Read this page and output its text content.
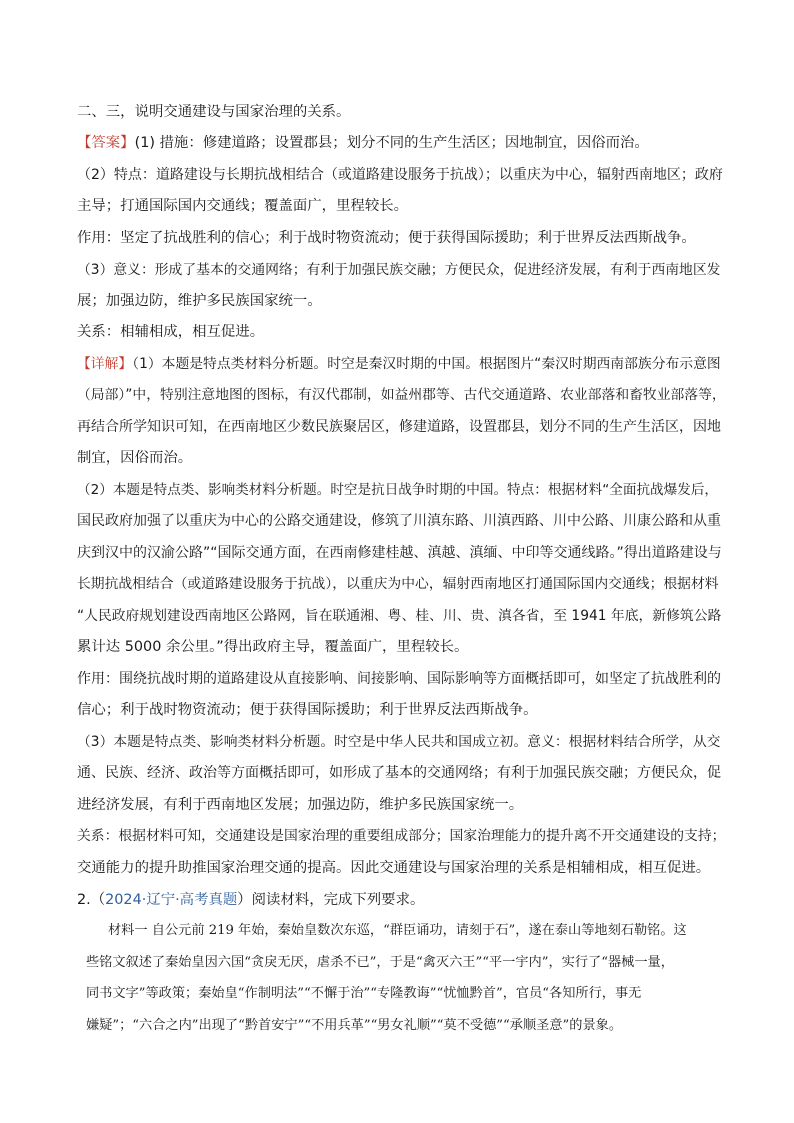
二、三，说明交通建设与国家治理的关系。
【答案】(1) 措施：修建道路；设置郡县；划分不同的生产生活区；因地制宜，因俗而治。
（2）特点：道路建设与长期抗战相结合（或道路建设服务于抗战）；以重庆为中心，辐射西南地区；政府
主导；打通国际国内交通线；覆盖面广，里程较长。
作用：坚定了抗战胜利的信心；利于战时物资流动；便于获得国际援助；利于世界反法西斯战争。
（3）意义：形成了基本的交通网络；有利于加强民族交融；方便民众，促进经济发展，有利于西南地区发
展；加强边防，维护多民族国家统一。
关系：相辅相成，相互促进。
【详解】（1）本题是特点类材料分析题。时空是秦汉时期的中国。根据图片“秦汉时期西南部族分布示意图
（局部）”中，特别注意地图的图标，有汉代郡制，如益州郡等、古代交通道路、农业部落和畜牧业部落等，
再结合所学知识可知，在西南地区少数民族聚居区，修建道路，设置郡县，划分不同的生产生活区，因地
制宜，因俗而治。
（2）本题是特点类、影响类材料分析题。时空是抗日战争时期的中国。特点：根据材料“全面抗战爆发后，
国民政府加强了以重庆为中心的公路交通建设，修筑了川滇东路、川滇西路、川中公路、川康公路和从重
庆到汉中的汉渝公路”“国际交通方面，在西南修建桂越、滇越、滇缅、中印等交通线路。”得出道路建设与
长期抗战相结合（或道路建设服务于抗战），以重庆为中心，辐射西南地区打通国际国内交通线；根据材料
“人民政府规划建设西南地区公路网，旨在联通湘、粤、桂、川、贵、滇各省，至 1941 年底，新修筑公路
累计达 5000 余公里。”得出政府主导，覆盖面广，里程较长。
作用：围绕抗战时期的道路建设从直接影响、间接影响、国际影响等方面概括即可，如坚定了抗战胜利的
信心；利于战时物资流动；便于获得国际援助；利于世界反法西斯战争。
（3）本题是特点类、影响类材料分析题。时空是中华人民共和国成立初。意义：根据材料结合所学，从交
通、民族、经济、政治等方面概括即可，如形成了基本的交通网络；有利于加强民族交融；方便民众，促
进经济发展，有利于西南地区发展；加强边防，维护多民族国家统一。
关系：根据材料可知，交通建设是国家治理的重要组成部分；国家治理能力的提升离不开交通建设的支持；
交通能力的提升助推国家治理交通的提高。因此交通建设与国家治理的关系是相辅相成，相互促进。
2.（2024·辽宁·高考真题）阅读材料，完成下列要求。
材料一 自公元前 219 年始，秦始皇数次东巡，“群臣诵功，请刻于石”，遂在泰山等地刻石勒铭。这
些铭文叙述了秦始皇因六国“贪戾无厌，虐杀不已”，于是“禽灭六王”“平一宇内”，实行了“器械一量，
同书文字”等政策；秦始皇“作制明法”“不懈于治”“专隆教诲”“忧恤黔首”，官员“各知所行，事无
嫌疑”；“六合之内”出现了“黔首安宁”“不用兵革”“男女礼顺”“莫不受德”“承顺圣意”的景象。
